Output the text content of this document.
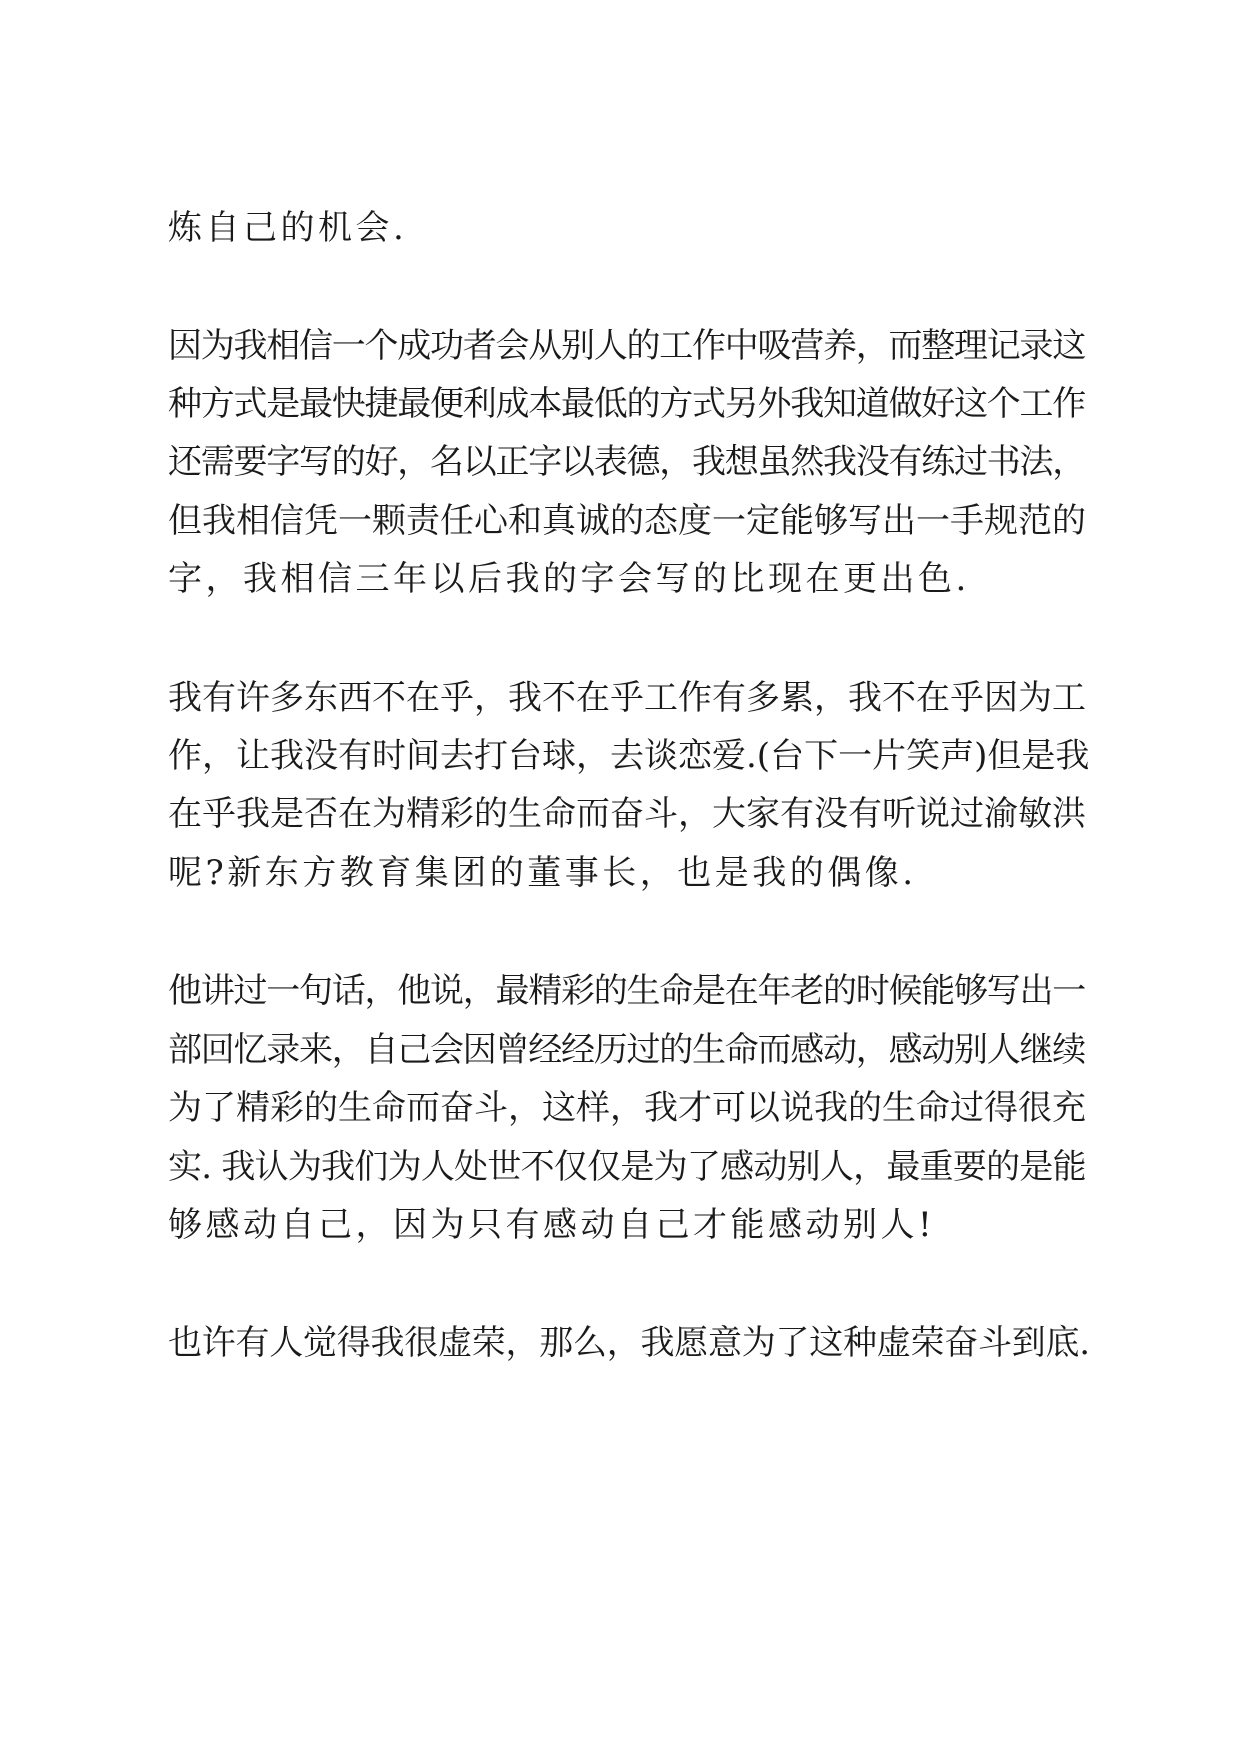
炼自己的机会.
因为我相信一个成功者会从别人的工作中吸营养，而整理记录这
种方式是最快捷最便利成本最低的方式另外我知道做好这个工作
还需要字写的好，名以正字以表德，我想虽然我没有练过书法，
但我相信凭一颗责任心和真诚的态度一定能够写出一手规范的
字，我相信三年以后我的字会写的比现在更出色.
我有许多东西不在乎，我不在乎工作有多累，我不在乎因为工
作，让我没有时间去打台球，去谈恋爱.(台下一片笑声)但是我
在乎我是否在为精彩的生命而奋斗，大家有没有听说过渝敏洪
呢?新东方教育集团的董事长，也是我的偶像.
他讲过一句话，他说，最精彩的生命是在年老的时候能够写出一
部回忆录来，自己会因曾经经历过的生命而感动，感动别人继续
为了精彩的生命而奋斗，这样，我才可以说我的生命过得很充
实. 我认为我们为人处世不仅仅是为了感动别人，最重要的是能
够感动自己，因为只有感动自己才能感动别人!
也许有人觉得我很虚荣，那么，我愿意为了这种虚荣奋斗到底.
